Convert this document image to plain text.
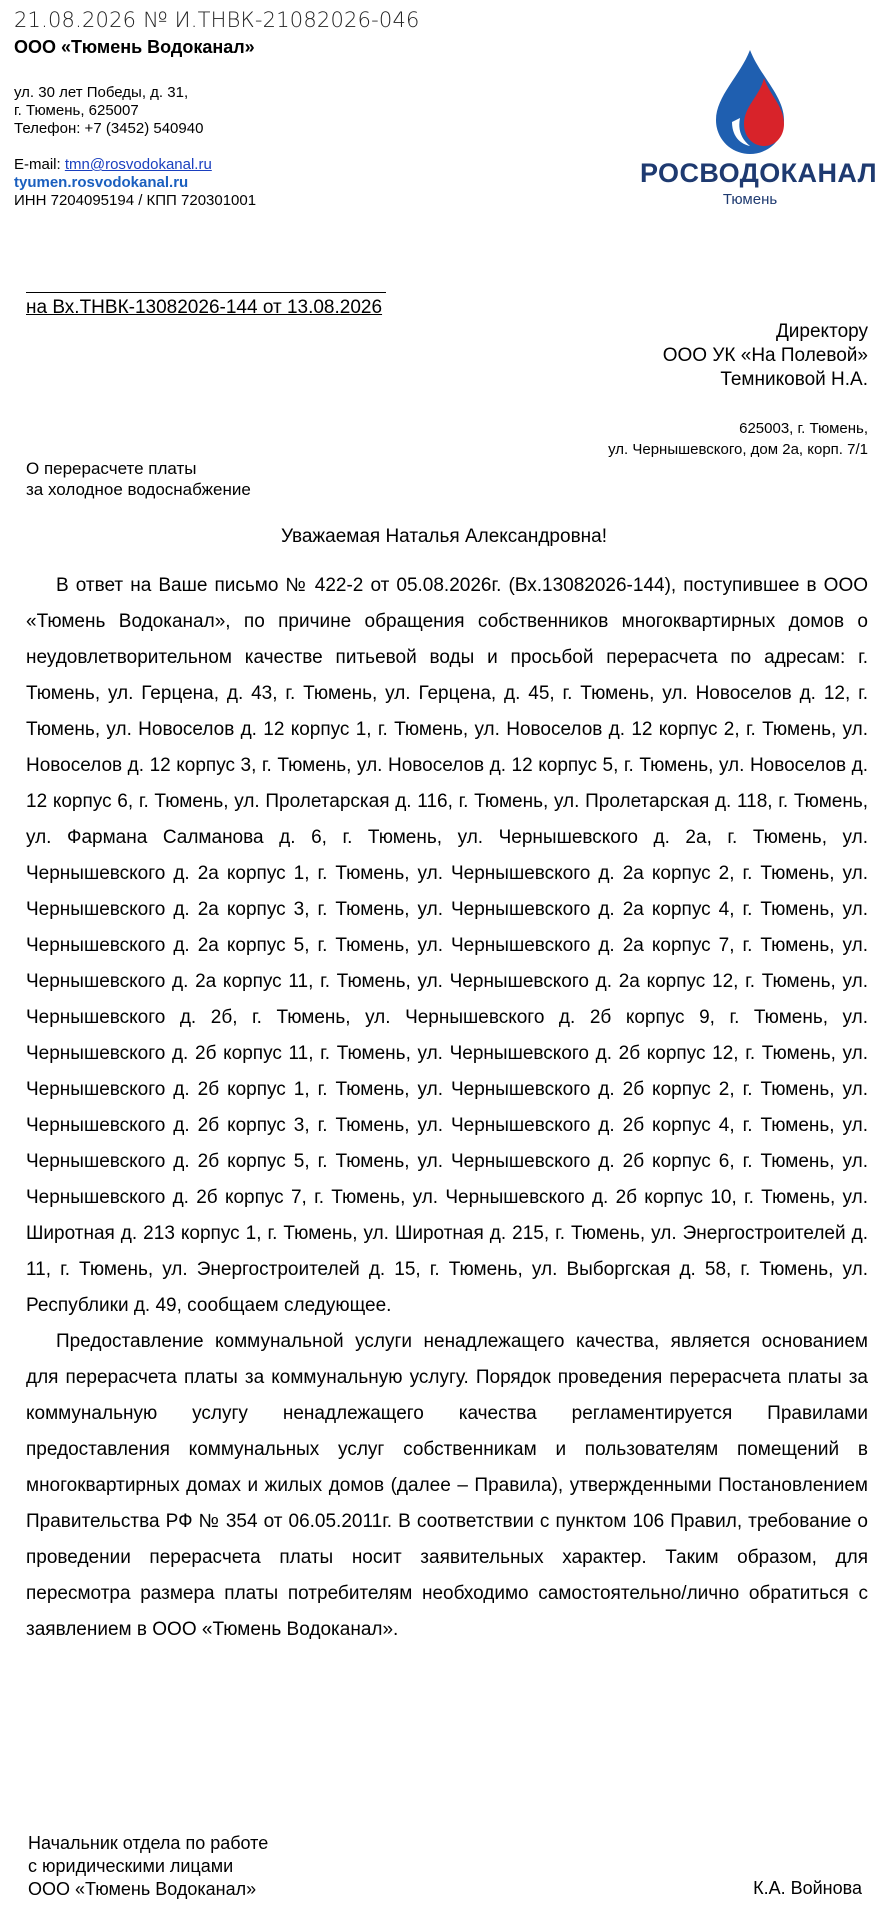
21.08.2026 № И.ТНВК-21082026-046
ООО «Тюмень Водоканал»
ул. 30 лет Победы, д. 31,
г. Тюмень, 625007
Телефон: +7 (3452) 540940
E-mail: tmn@rosvodokanal.ru
tyumen.rosvodokanal.ru
ИНН 7204095194 / КПП 720301001
РОСВОДОКАНАЛ
Тюмень
на Вх.ТНВК-13082026-144 от 13.08.2026
Директору
ООО УК «На Полевой»
Темниковой Н.А.
625003, г. Тюмень,
ул. Чернышевского, дом 2а, корп. 7/1
О перерасчете платы
за холодное водоснабжение
Уважаемая Наталья Александровна!

В ответ на Ваше письмо № 422-2 от 05.08.2026г. (Вх.13082026-144), поступившее в ООО «Тюмень Водоканал», по причине обращения собственников многоквартирных домов о неудовлетворительном качестве питьевой воды и просьбой перерасчета по адресам: г. Тюмень, ул. Герцена, д. 43, г. Тюмень, ул. Герцена, д. 45, г. Тюмень, ул. Новоселов д. 12, г. Тюмень, ул. Новоселов д. 12 корпус 1, г. Тюмень, ул. Новоселов д. 12 корпус 2, г. Тюмень, ул. Новоселов д. 12 корпус 3, г. Тюмень, ул. Новоселов д. 12 корпус 5, г. Тюмень, ул. Новоселов д. 12 корпус 6, г. Тюмень, ул. Пролетарская д. 116, г. Тюмень, ул. Пролетарская д. 118, г. Тюмень, ул. Фармана Салманова д. 6, г. Тюмень, ул. Чернышевского д. 2а, г. Тюмень, ул. Чернышевского д. 2а корпус 1, г. Тюмень, ул. Чернышевского д. 2а корпус 2, г. Тюмень, ул. Чернышевского д. 2а корпус 3, г. Тюмень, ул. Чернышевского д. 2а корпус 4, г. Тюмень, ул. Чернышевского д. 2а корпус 5, г. Тюмень, ул. Чернышевского д. 2а корпус 7, г. Тюмень, ул. Чернышевского д. 2а корпус 11, г. Тюмень, ул. Чернышевского д. 2а корпус 12, г. Тюмень, ул. Чернышевского д. 2б, г. Тюмень, ул. Чернышевского д. 2б корпус 9, г. Тюмень, ул. Чернышевского д. 2б корпус 11, г. Тюмень, ул. Чернышевского д. 2б корпус 12, г. Тюмень, ул. Чернышевского д. 2б корпус 1, г. Тюмень, ул. Чернышевского д. 2б корпус 2, г. Тюмень, ул. Чернышевского д. 2б корпус 3, г. Тюмень, ул. Чернышевского д. 2б корпус 4, г. Тюмень, ул. Чернышевского д. 2б корпус 5, г. Тюмень, ул. Чернышевского д. 2б корпус 6, г. Тюмень, ул. Чернышевского д. 2б корпус 7, г. Тюмень, ул. Чернышевского д. 2б корпус 10, г. Тюмень, ул. Широтная д. 213 корпус 1, г. Тюмень, ул. Широтная д. 215, г. Тюмень, ул. Энергостроителей д. 11, г. Тюмень, ул. Энергостроителей д. 15, г. Тюмень, ул. Выборгская д. 58, г. Тюмень, ул. Республики д. 49, сообщаем следующее.

Предоставление коммунальной услуги ненадлежащего качества, является основанием для перерасчета платы за коммунальную услугу. Порядок проведения перерасчета платы за коммунальную услугу ненадлежащего качества регламентируется Правилами предоставления коммунальных услуг собственникам и пользователям помещений в многоквартирных домах и жилых домов (далее – Правила), утвержденными Постановлением Правительства РФ № 354 от 06.05.2011г. В соответствии с пунктом 106 Правил, требование о проведении перерасчета платы носит заявительных характер. Таким образом, для пересмотра размера платы потребителям необходимо самостоятельно/лично обратиться с заявлением в ООО «Тюмень Водоканал».

Начальник отдела по работе
с юридическими лицами
ООО «Тюмень Водоканал»	К.А. Войнова
